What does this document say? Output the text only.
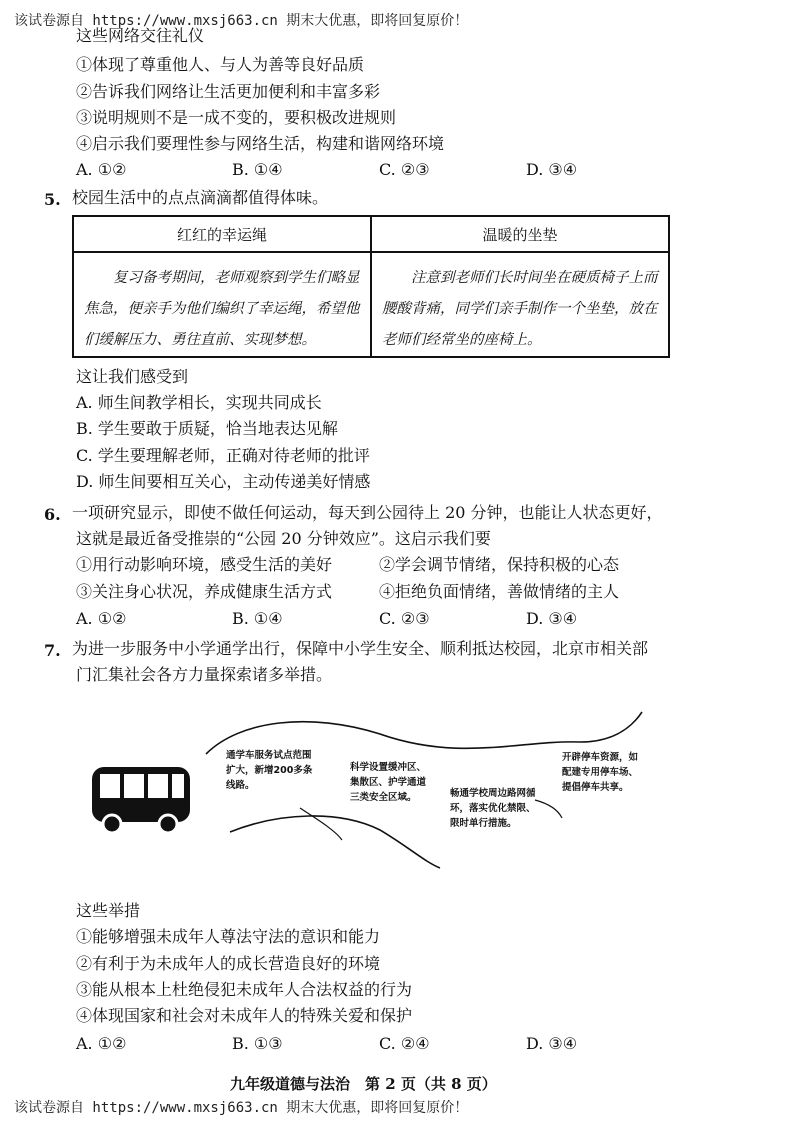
该试卷源自 https://www.mxsj663.cn 期末大优惠，即将回复原价！
这些网络交往礼仪
①体现了尊重他人、与人为善等良好品质
②告诉我们网络让生活更加便利和丰富多彩
③说明规则不是一成不变的，要积极改进规则
④启示我们要理性参与网络生活，构建和谐网络环境
A. ①②	B. ①④	C. ②③	D. ③④
5. 校园生活中的点点滴滴都值得体味。
红红的幸运绳	温暖的坐垫
复习备考期间，老师观察到学生们略显焦急，便亲手为他们编织了幸运绳，希望他们缓解压力、勇往直前、实现梦想。	注意到老师们长时间坐在硬质椅子上而腰酸背痛，同学们亲手制作一个坐垫，放在老师们经常坐的座椅上。
这让我们感受到
A. 师生间教学相长，实现共同成长
B. 学生要敢于质疑，恰当地表达见解
C. 学生要理解老师，正确对待老师的批评
D. 师生间要相互关心，主动传递美好情感
6. 一项研究显示，即使不做任何运动，每天到公园待上 20 分钟，也能让人状态更好，
这就是最近备受推崇的“公园 20 分钟效应”。这启示我们要
①用行动影响环境，感受生活的美好	②学会调节情绪，保持积极的心态
③关注身心状况，养成健康生活方式	④拒绝负面情绪，善做情绪的主人
A. ①②	B. ①④	C. ②③	D. ③④
7. 为进一步服务中小学通学出行，保障中小学生安全、顺利抵达校园，北京市相关部
门汇集社会各方力量探索诸多举措。
通学车服务试点范围扩大，新增200多条线路。
科学设置缓冲区、集散区、护学通道三类安全区域。	畅通学校周边路网循环，落实优化禁限、限时单行措施。
开辟停车资源，如配建专用停车场、提倡停车共享。
这些举措
①能够增强未成年人尊法守法的意识和能力
②有利于为未成年人的成长营造良好的环境
③能从根本上杜绝侵犯未成年人合法权益的行为
④体现国家和社会对未成年人的特殊关爱和保护
A. ①②	B. ①③	C. ②④	D. ③④
九年级道德与法治　第 2 页（共 8 页）
该试卷源自 https://www.mxsj663.cn 期末大优惠，即将回复原价！
